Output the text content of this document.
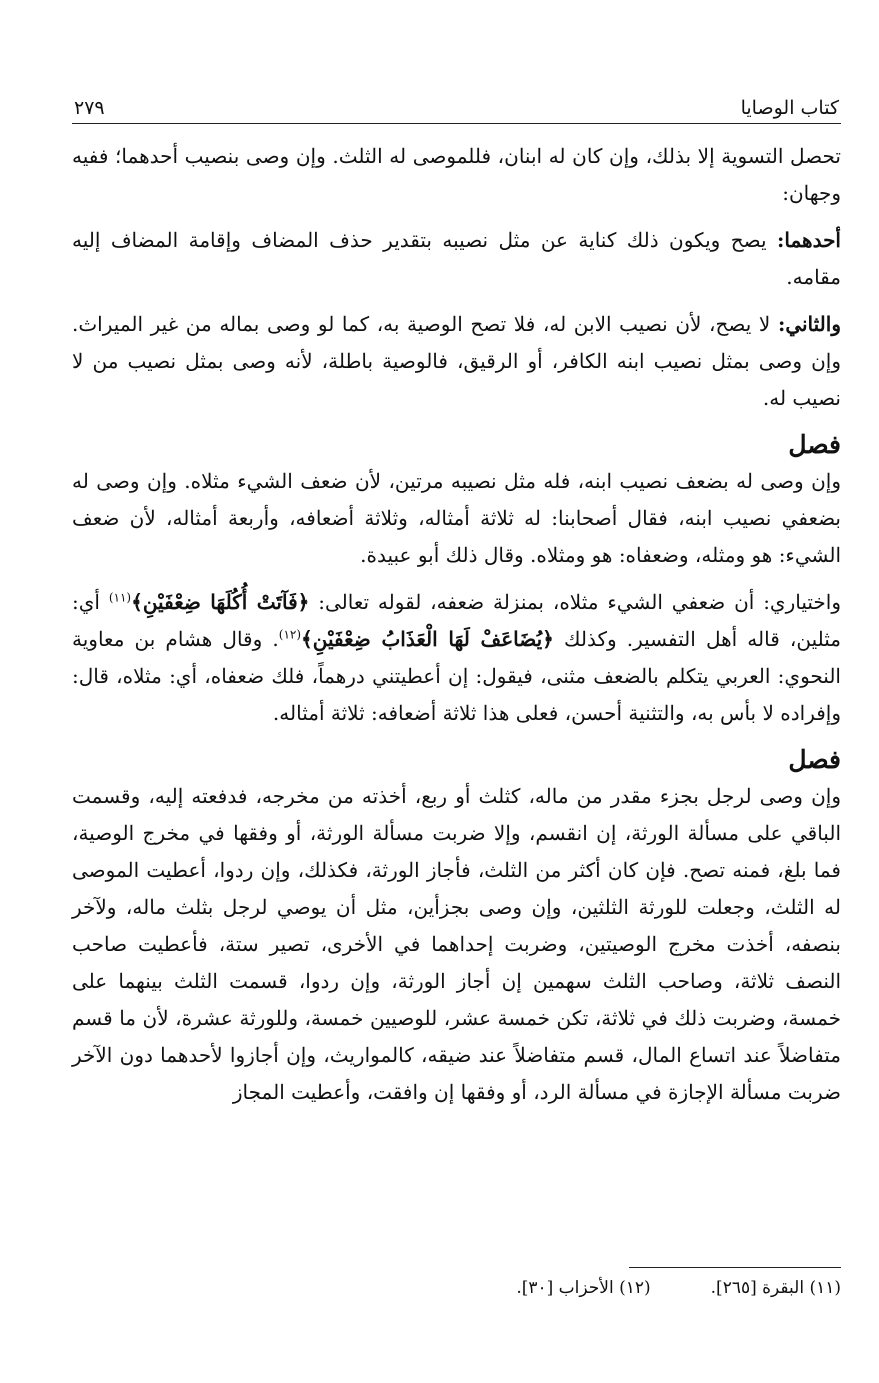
كتاب الوصايا
٢٧٩

تحصل التسوية إلا بذلك، وإن كان له ابنان، فللموصى له الثلث. وإن وصى بنصيب أحدهما؛ ففيه وجهان:

أحدهما: يصح ويكون ذلك كناية عن مثل نصيبه بتقدير حذف المضاف وإقامة المضاف إليه مقامه.

والثاني: لا يصح، لأن نصيب الابن له، فلا تصح الوصية به، كما لو وصى بماله من غير الميراث. وإن وصى بمثل نصيب ابنه الكافر، أو الرقيق، فالوصية باطلة، لأنه وصى بمثل نصيب من لا نصيب له.

فصل

وإن وصى له بضعف نصيب ابنه، فله مثل نصيبه مرتين، لأن ضعف الشيء مثلاه. وإن وصى له بضعفي نصيب ابنه، فقال أصحابنا: له ثلاثة أمثاله، وثلاثة أضعافه، وأربعة أمثاله، لأن ضعف الشيء: هو ومثله، وضعفاه: هو ومثلاه. وقال ذلك أبو عبيدة.

واختياري: أن ضعفي الشيء مثلاه، بمنزلة ضعفه، لقوله تعالى: ﴿فَآتَتْ أُكُلَهَا ضِعْفَيْنِ﴾$^{(١١)}$ أي: مثلين، قاله أهل التفسير. وكذلك ﴿يُضَاعَفْ لَهَا الْعَذَابُ ضِعْفَيْنِ﴾$^{(١٢)}$. وقال هشام بن معاوية النحوي: العربي يتكلم بالضعف مثنى، فيقول: إن أعطيتني درهماً، فلك ضعفاه، أي: مثلاه، قال: وإفراده لا بأس به، والتثنية أحسن، فعلى هذا ثلاثة أضعافه: ثلاثة أمثاله.

فصل

وإن وصى لرجل بجزء مقدر من ماله، كثلث أو ربع، أخذته من مخرجه، فدفعته إليه، وقسمت الباقي على مسألة الورثة، إن انقسم، وإلا ضربت مسألة الورثة، أو وفقها في مخرج الوصية، فما بلغ، فمنه تصح. فإن كان أكثر من الثلث، فأجاز الورثة، فكذلك، وإن ردوا، أعطيت الموصى له الثلث، وجعلت للورثة الثلثين، وإن وصى بجزأين، مثل أن يوصي لرجل بثلث ماله، ولآخر بنصفه، أخذت مخرج الوصيتين، وضربت إحداهما في الأخرى، تصير ستة، فأعطيت صاحب النصف ثلاثة، وصاحب الثلث سهمين إن أجاز الورثة، وإن ردوا، قسمت الثلث بينهما على خمسة، وضربت ذلك في ثلاثة، تكن خمسة عشر، للوصيين خمسة، وللورثة عشرة، لأن ما قسم متفاضلاً عند اتساع المال، قسم متفاضلاً عند ضيقه، كالمواريث، وإن أجازوا لأحدهما دون الآخر ضربت مسألة الإجازة في مسألة الرد، أو وفقها إن وافقت، وأعطيت المجاز

(١١) البقرة [٢٦٥].
(١٢) الأحزاب [٣٠].
